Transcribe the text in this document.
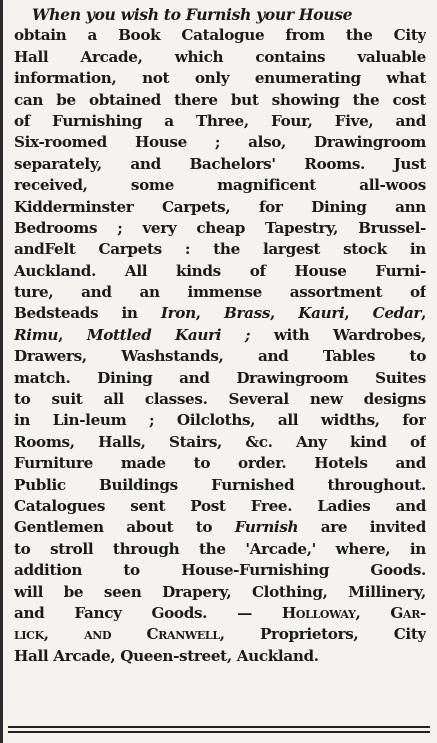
When you wish to Furnish your House
obtain a Book Catalogue from the City
Hall Arcade, which contains valuable
information, not only enumerating what
can be obtained there but showing the cost
of Furnishing a Three, Four, Five, and
Six-roomed House ; also, Drawingroom
separately, and Bachelors' Rooms. Just
received, some magnificent all-woos
Kidderminster Carpets, for Dining ann
Bedrooms ; very cheap Tapestry, Brussel-
andFelt Carpets : the largest stock in
Auckland. All kinds of House Furni-
ture, and an immense assortment of
Bedsteads in Iron, Brass, Kauri, Cedar,
Rimu, Mottled Kauri ; with Wardrobes,
Drawers, Washstands, and Tables to
match. Dining and Drawingroom Suites
to suit all classes. Several new designs
in Lin-leum ; Oilcloths, all widths, for
Rooms, Halls, Stairs, &c. Any kind of
Furniture made to order. Hotels and
Public Buildings Furnished throughout.
Catalogues sent Post Free. Ladies and
Gentlemen about to Furnish are invited
to stroll through the 'Arcade,' where, in
addition to House-Furnishing Goods.
will be seen Drapery, Clothing, Millinery,
and Fancy Goods. — Holloway, Gar-
lick, and Cranwell, Proprietors, City
Hall Arcade, Queen-street, Auckland.
